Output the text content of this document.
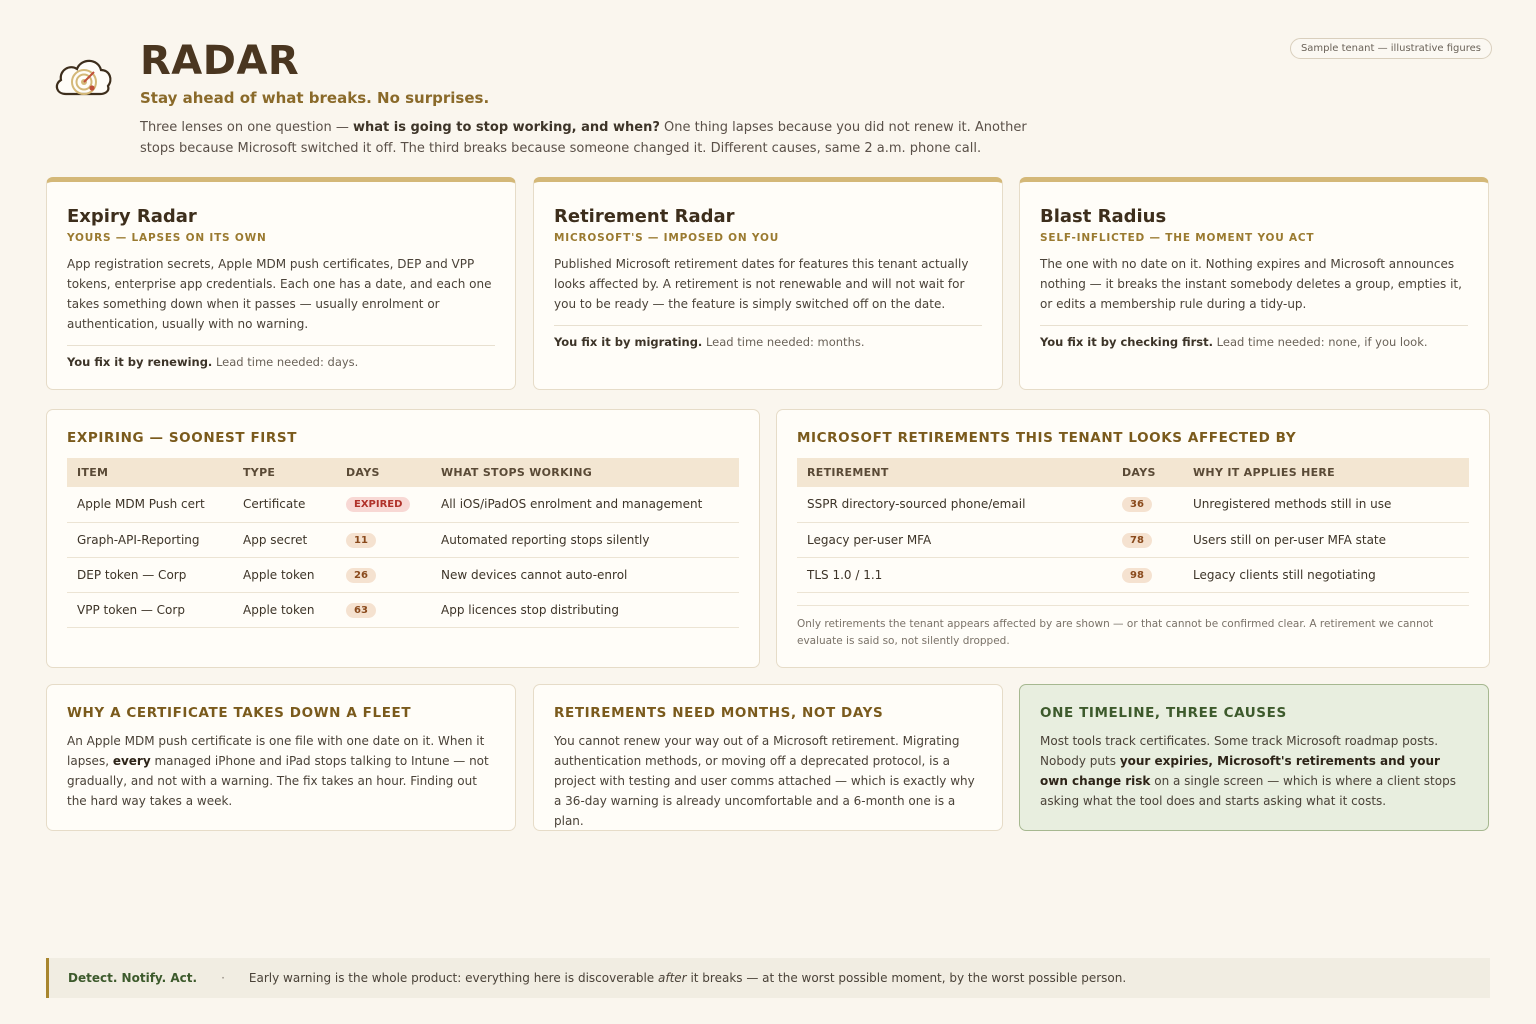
RADAR
Stay ahead of what breaks. No surprises.
Three lenses on one question — what is going to stop working, and when? One thing lapses because you did not renew it. Another stops because Microsoft switched it off. The third breaks because someone changed it. Different causes, same 2 a.m. phone call.
Sample tenant — illustrative figures
Expiry Radar
YOURS — LAPSES ON ITS OWN
App registration secrets, Apple MDM push certificates, DEP and VPP tokens, enterprise app credentials. Each one has a date, and each one takes something down when it passes — usually enrolment or authentication, usually with no warning.
You fix it by renewing. Lead time needed: days.
Retirement Radar
MICROSOFT'S — IMPOSED ON YOU
Published Microsoft retirement dates for features this tenant actually looks affected by. A retirement is not renewable and will not wait for you to be ready — the feature is simply switched off on the date.
You fix it by migrating. Lead time needed: months.
Blast Radius
SELF-INFLICTED — THE MOMENT YOU ACT
The one with no date on it. Nothing expires and Microsoft announces nothing — it breaks the instant somebody deletes a group, empties it, or edits a membership rule during a tidy-up.
You fix it by checking first. Lead time needed: none, if you look.
EXPIRING — SOONEST FIRST
ITEM	TYPE	DAYS	WHAT STOPS WORKING
Apple MDM Push cert	Certificate	EXPIRED	All iOS/iPadOS enrolment and management
Graph-API-Reporting	App secret	11	Automated reporting stops silently
DEP token — Corp	Apple token	26	New devices cannot auto-enrol
VPP token — Corp	Apple token	63	App licences stop distributing
MICROSOFT RETIREMENTS THIS TENANT LOOKS AFFECTED BY
RETIREMENT	DAYS	WHY IT APPLIES HERE
SSPR directory-sourced phone/email	36	Unregistered methods still in use
Legacy per-user MFA	78	Users still on per-user MFA state
TLS 1.0 / 1.1	98	Legacy clients still negotiating
Only retirements the tenant appears affected by are shown — or that cannot be confirmed clear. A retirement we cannot evaluate is said so, not silently dropped.
WHY A CERTIFICATE TAKES DOWN A FLEET

An Apple MDM push certificate is one file with one date on it. When it lapses, every managed iPhone and iPad stops talking to Intune — not gradually, and not with a warning. The fix takes an hour. Finding out the hard way takes a week.

RETIREMENTS NEED MONTHS, NOT DAYS

You cannot renew your way out of a Microsoft retirement. Migrating authentication methods, or moving off a deprecated protocol, is a project with testing and user comms attached — which is exactly why a 36-day warning is already uncomfortable and a 6-month one is a plan.

ONE TIMELINE, THREE CAUSES

Most tools track certificates. Some track Microsoft roadmap posts. Nobody puts your expiries, Microsoft's retirements and your own change risk on a single screen — which is where a client stops asking what the tool does and starts asking what it costs.

Detect. Notify. Act. · Early warning is the whole product: everything here is discoverable after it breaks — at the worst possible moment, by the worst possible person.
